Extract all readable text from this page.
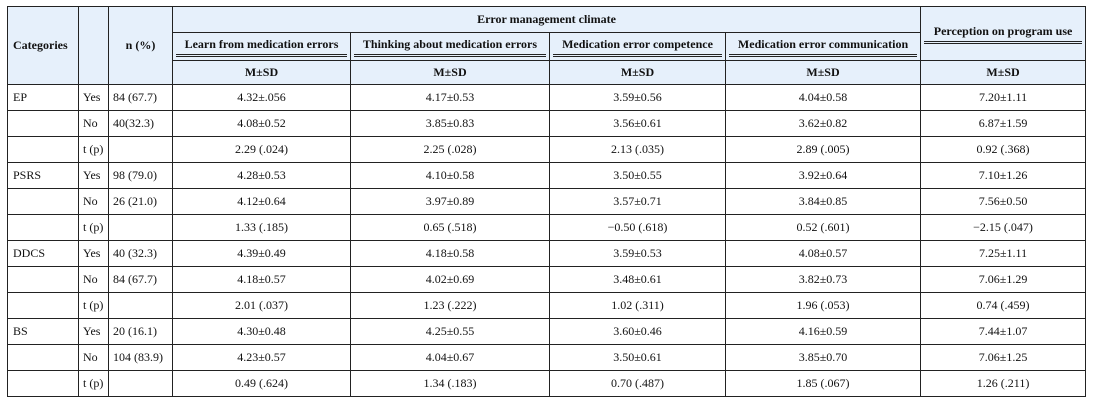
Categories		n (%)	Error management climate				Perception on program use

			Learn from medication errors	Thinking about medication errors	Medication error competence	Medication error communication	

			M±SD	M±SD	M±SD	M±SD	M±SD
EP	Yes	84 (67.7)	4.32±.056	4.17±0.53	3.59±0.56	4.04±0.58	7.20±1.11
	No	40(32.3)	4.08±0.52	3.85±0.83	3.56±0.61	3.62±0.82	6.87±1.59
	t (p)		2.29 (.024)	2.25 (.028)	2.13 (.035)	2.89 (.005)	0.92 (.368)
PSRS	Yes	98 (79.0)	4.28±0.53	4.10±0.58	3.50±0.55	3.92±0.64	7.10±1.26
	No	26 (21.0)	4.12±0.64	3.97±0.89	3.57±0.71	3.84±0.85	7.56±0.50
	t (p)		1.33 (.185)	0.65 (.518)	−0.50 (.618)	0.52 (.601)	−2.15 (.047)
DDCS	Yes	40 (32.3)	4.39±0.49	4.18±0.58	3.59±0.53	4.08±0.57	7.25±1.11
	No	84 (67.7)	4.18±0.57	4.02±0.69	3.48±0.61	3.82±0.73	7.06±1.29
	t (p)		2.01 (.037)	1.23 (.222)	1.02 (.311)	1.96 (.053)	0.74 (.459)
BS	Yes	20 (16.1)	4.30±0.48	4.25±0.55	3.60±0.46	4.16±0.59	7.44±1.07
	No	104 (83.9)	4.23±0.57	4.04±0.67	3.50±0.61	3.85±0.70	7.06±1.25
	t (p)		0.49 (.624)	1.34 (.183)	0.70 (.487)	1.85 (.067)	1.26 (.211)
